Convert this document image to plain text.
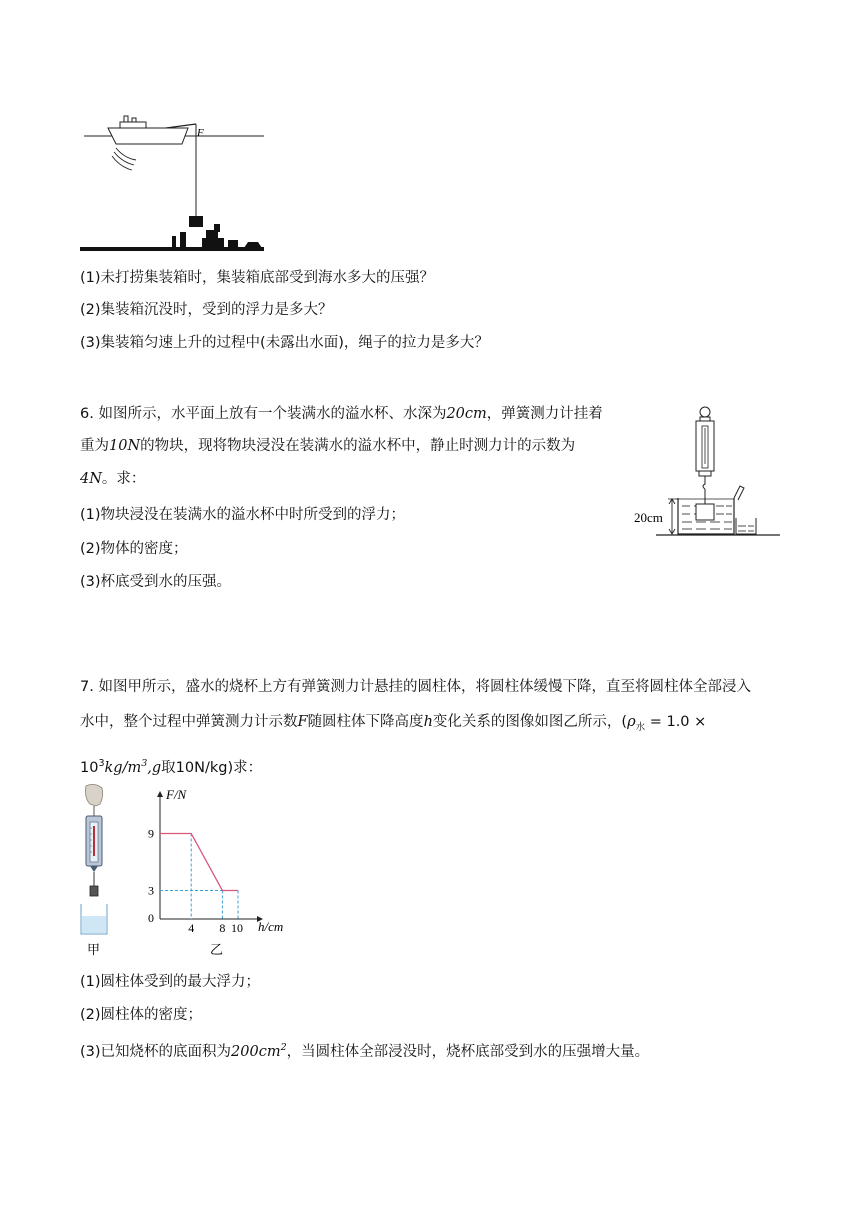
F
(1)未打捞集装箱时，集装箱底部受到海水多大的压强？
(2)集装箱沉没时，受到的浮力是多大？
(3)集装箱匀速上升的过程中(未露出水面)，绳子的拉力是多大？
6. 如图所示，水平面上放有一个装满水的溢水杯、水深为20cm，弹簧测力计挂着
重为10N的物块，现将物块浸没在装满水的溢水杯中，静止时测力计的示数为
4N。求：
(1)物块浸没在装满水的溢水杯中时所受到的浮力；
(2)物体的密度；
(3)杯底受到水的压强。
20cm
7. 如图甲所示，盛水的烧杯上方有弹簧测力计悬挂的圆柱体，将圆柱体缓慢下降，直至将圆柱体全部浸入
水中，整个过程中弹簧测力计示数F随圆柱体下降高度h变化关系的图像如图乙所示，($\rho_水 = 1.0$ ×
$10^3kg/m^3,g$取10N/kg)求：
甲
F/N
h/cm
3
9
0
4 8 10
乙
(1)圆柱体受到的最大浮力；
(2)圆柱体的密度；
(3)已知烧杯的底面积为$200cm^2$，当圆柱体全部浸没时，烧杯底部受到水的压强增大量。
